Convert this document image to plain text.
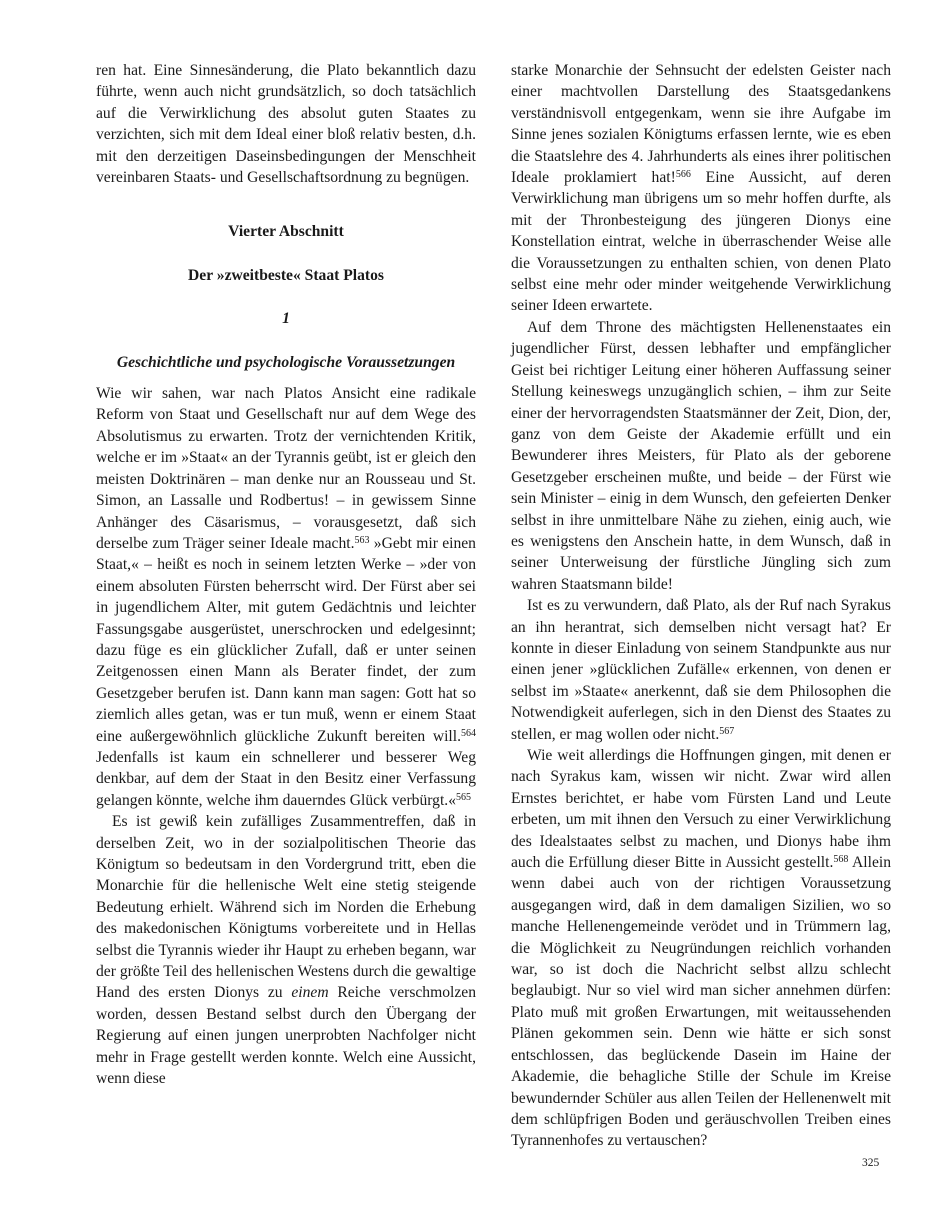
ren hat. Eine Sinnesänderung, die Plato bekanntlich dazu führte, wenn auch nicht grundsätzlich, so doch tatsächlich auf die Verwirklichung des absolut guten Staates zu verzichten, sich mit dem Ideal einer bloß relativ besten, d.h. mit den derzeitigen Daseinsbedingungen der Menschheit vereinbaren Staats- und Gesellschaftsordnung zu begnügen.

Vierter Abschnitt

Der »zweitbeste« Staat Platos

1

Geschichtliche und psychologische Voraussetzungen

Wie wir sahen, war nach Platos Ansicht eine radikale Reform von Staat und Gesellschaft nur auf dem Wege des Absolutismus zu erwarten. Trotz der vernichtenden Kritik, welche er im »Staat« an der Tyrannis geübt, ist er gleich den meisten Doktrinären – man denke nur an Rousseau und St. Simon, an Lassalle und Rodbertus! – in gewissem Sinne Anhänger des Cäsarismus, – vorausgesetzt, daß sich derselbe zum Träger seiner Ideale macht.$^{563}$ »Gebt mir einen Staat,« – heißt es noch in seinem letzten Werke – »der von einem absoluten Fürsten beherrscht wird. Der Fürst aber sei in jugendlichem Alter, mit gutem Gedächtnis und leichter Fassungsgabe ausgerüstet, unerschrocken und edelgesinnt; dazu füge es ein glücklicher Zufall, daß er unter seinen Zeitgenossen einen Mann als Berater findet, der zum Gesetzgeber berufen ist. Dann kann man sagen: Gott hat so ziemlich alles getan, was er tun muß, wenn er einem Staat eine außergewöhnlich glückliche Zukunft bereiten will.$^{564}$ Jedenfalls ist kaum ein schnellerer und besserer Weg denkbar, auf dem der Staat in den Besitz einer Verfassung gelangen könnte, welche ihm dauerndes Glück verbürgt.«$^{565}$

Es ist gewiß kein zufälliges Zusammentreffen, daß in derselben Zeit, wo in der sozialpolitischen Theorie das Königtum so bedeutsam in den Vordergrund tritt, eben die Monarchie für die hellenische Welt eine stetig steigende Bedeutung erhielt. Während sich im Norden die Erhebung des makedonischen Königtums vorbereitete und in Hellas selbst die Tyrannis wieder ihr Haupt zu erheben begann, war der größte Teil des hellenischen Westens durch die gewaltige Hand des ersten Dionys zu einem Reiche verschmolzen worden, dessen Bestand selbst durch den Übergang der Regierung auf einen jungen unerprobten Nachfolger nicht mehr in Frage gestellt werden konnte. Welch eine Aussicht, wenn diese

starke Monarchie der Sehnsucht der edelsten Geister nach einer machtvollen Darstellung des Staatsgedankens verständnisvoll entgegenkam, wenn sie ihre Aufgabe im Sinne jenes sozialen Königtums erfassen lernte, wie es eben die Staatslehre des 4. Jahrhunderts als eines ihrer politischen Ideale proklamiert hat!$^{566}$ Eine Aussicht, auf deren Verwirklichung man übrigens um so mehr hoffen durfte, als mit der Thronbesteigung des jüngeren Dionys eine Konstellation eintrat, welche in überraschender Weise alle die Voraussetzungen zu enthalten schien, von denen Plato selbst eine mehr oder minder weitgehende Verwirklichung seiner Ideen erwartete.

Auf dem Throne des mächtigsten Hellenenstaates ein jugendlicher Fürst, dessen lebhafter und empfänglicher Geist bei richtiger Leitung einer höheren Auffassung seiner Stellung keineswegs unzugänglich schien, – ihm zur Seite einer der hervorragendsten Staatsmänner der Zeit, Dion, der, ganz von dem Geiste der Akademie erfüllt und ein Bewunderer ihres Meisters, für Plato als der geborene Gesetzgeber erscheinen mußte, und beide – der Fürst wie sein Minister – einig in dem Wunsch, den gefeierten Denker selbst in ihre unmittelbare Nähe zu ziehen, einig auch, wie es wenigstens den Anschein hatte, in dem Wunsch, daß in seiner Unterweisung der fürstliche Jüngling sich zum wahren Staatsmann bilde!

Ist es zu verwundern, daß Plato, als der Ruf nach Syrakus an ihn herantrat, sich demselben nicht versagt hat? Er konnte in dieser Einladung von seinem Standpunkte aus nur einen jener »glücklichen Zufälle« erkennen, von denen er selbst im »Staate« anerkennt, daß sie dem Philosophen die Notwendigkeit auferlegen, sich in den Dienst des Staates zu stellen, er mag wollen oder nicht.$^{567}$

Wie weit allerdings die Hoffnungen gingen, mit denen er nach Syrakus kam, wissen wir nicht. Zwar wird allen Ernstes berichtet, er habe vom Fürsten Land und Leute erbeten, um mit ihnen den Versuch zu einer Verwirklichung des Idealstaates selbst zu machen, und Dionys habe ihm auch die Erfüllung dieser Bitte in Aussicht gestellt.$^{568}$ Allein wenn dabei auch von der richtigen Voraussetzung ausgegangen wird, daß in dem damaligen Sizilien, wo so manche Hellenengemeinde verödet und in Trümmern lag, die Möglichkeit zu Neugründungen reichlich vorhanden war, so ist doch die Nachricht selbst allzu schlecht beglaubigt. Nur so viel wird man sicher annehmen dürfen: Plato muß mit großen Erwartungen, mit weitaussehenden Plänen gekommen sein. Denn wie hätte er sich sonst entschlossen, das beglückende Dasein im Haine der Akademie, die behagliche Stille der Schule im Kreise bewundernder Schüler aus allen Teilen der Hellenenwelt mit dem schlüpfrigen Boden und geräuschvollen Treiben eines Tyrannenhofes zu vertauschen?

325
